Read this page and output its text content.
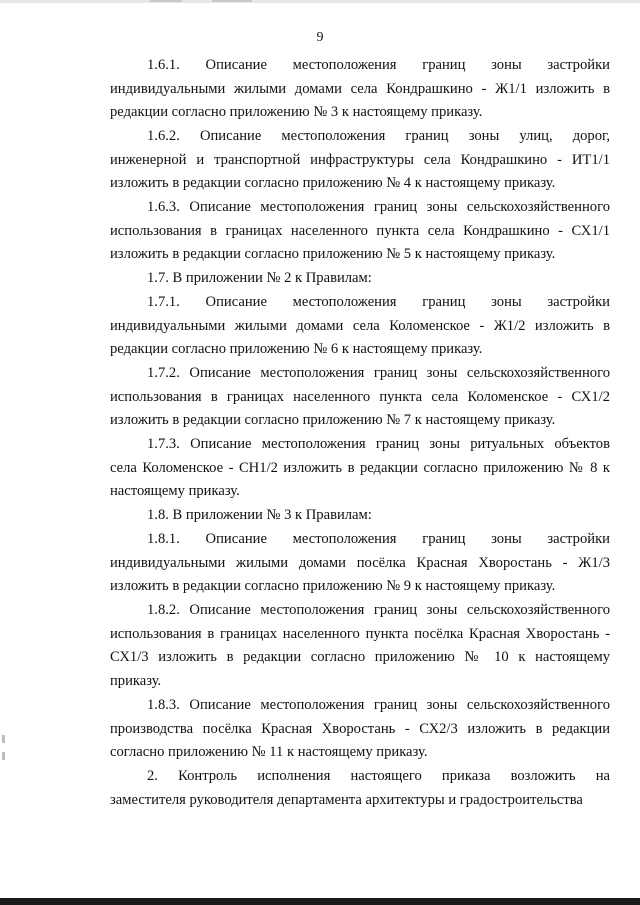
9
1.6.1. Описание местоположения границ зоны застройки
индивидуальными жилыми домами села Кондрашкино - Ж1/1 изложить в
редакции согласно приложению № 3 к настоящему приказу.
1.6.2. Описание местоположения границ зоны улиц, дорог,
инженерной и транспортной инфраструктуры села Кондрашкино - ИТ1/1
изложить в редакции согласно приложению № 4 к настоящему приказу.
1.6.3. Описание местоположения границ зоны сельскохозяйственного
использования в границах населенного пункта села Кондрашкино - СХ1/1
изложить в редакции согласно приложению № 5 к настоящему приказу.
1.7. В приложении № 2 к Правилам:
1.7.1. Описание местоположения границ зоны застройки
индивидуальными жилыми домами села Коломенское - Ж1/2 изложить в
редакции согласно приложению № 6 к настоящему приказу.
1.7.2. Описание местоположения границ зоны сельскохозяйственного
использования в границах населенного пункта села Коломенское - СХ1/2
изложить в редакции согласно приложению № 7 к настоящему приказу.
1.7.3. Описание местоположения границ зоны ритуальных объектов
села Коломенское - СН1/2 изложить в редакции согласно приложению № 8 к
настоящему приказу.
1.8. В приложении № 3 к Правилам:
1.8.1. Описание местоположения границ зоны застройки
индивидуальными жилыми домами посёлка Красная Хворостань - Ж1/3
изложить в редакции согласно приложению № 9 к настоящему приказу.
1.8.2. Описание местоположения границ зоны сельскохозяйственного
использования в границах населенного пункта посёлка Красная Хворостань -
СХ1/3 изложить в редакции согласно приложению № 10 к настоящему
приказу.
1.8.3. Описание местоположения границ зоны сельскохозяйственного
производства посёлка Красная Хворостань - СХ2/3 изложить в редакции
согласно приложению № 11 к настоящему приказу.
2. Контроль исполнения настоящего приказа возложить на
заместителя руководителя департамента архитектуры и градостроительства
